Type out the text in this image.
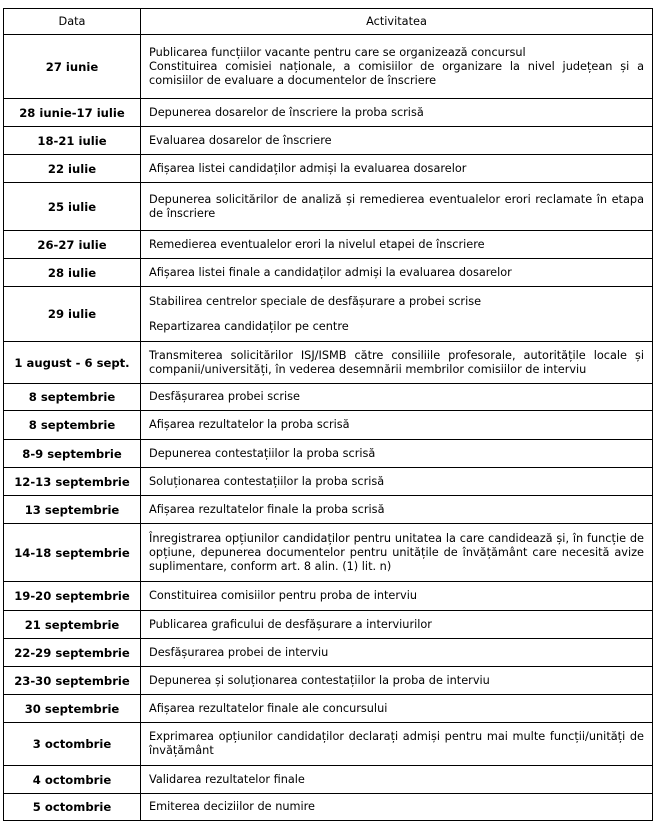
Data	Activitatea
27 iunie	Publicarea funcțiilor vacante pentru care se organizează concursul
Constituirea comisiei naționale, a comisiilor de organizare la nivel județean și a comisiilor de evaluare a documentelor de înscriere

28 iunie-17 iulie	Depunerea dosarelor de înscriere la proba scrisă

18-21 iulie	Evaluarea dosarelor de înscriere

22 iulie	Afișarea listei candidaților admiși la evaluarea dosarelor

25 iulie	Depunerea solicitărilor de analiză și remedierea eventualelor erori reclamate în etapa de înscriere

26-27 iulie	Remedierea eventualelor erori la nivelul etapei de înscriere

28 iulie	Afișarea listei finale a candidaților admiși la evaluarea dosarelor

29 iulie	Stabilirea centrelor speciale de desfășurare a probei scrise
Repartizarea candidaților pe centre

1 august - 6 sept.	Transmiterea solicitărilor ISJ/ISMB către consiliile profesorale, autoritățile locale și companii/universități, în vederea desemnării membrilor comisiilor de interviu

8 septembrie	Desfășurarea probei scrise

8 septembrie	Afișarea rezultatelor la proba scrisă

8-9 septembrie	Depunerea contestațiilor la proba scrisă

12-13 septembrie	Soluționarea contestațiilor la proba scrisă

13 septembrie	Afișarea rezultatelor finale la proba scrisă

14-18 septembrie	Înregistrarea opțiunilor candidaților pentru unitatea la care candidează și, în funcție de opțiune, depunerea documentelor pentru unitățile de învățământ care necesită avize suplimentare, conform art. 8 alin. (1) lit. n)

19-20 septembrie	Constituirea comisiilor pentru proba de interviu

21 septembrie	Publicarea graficului de desfășurare a interviurilor

22-29 septembrie	Desfășurarea probei de interviu

23-30 septembrie	Depunerea și soluționarea contestațiilor la proba de interviu

30 septembrie	Afișarea rezultatelor finale ale concursului

3 octombrie	Exprimarea opțiunilor candidaților declarați admiși pentru mai multe funcții/unități de învățământ

4 octombrie	Validarea rezultatelor finale

5 octombrie	Emiterea deciziilor de numire
